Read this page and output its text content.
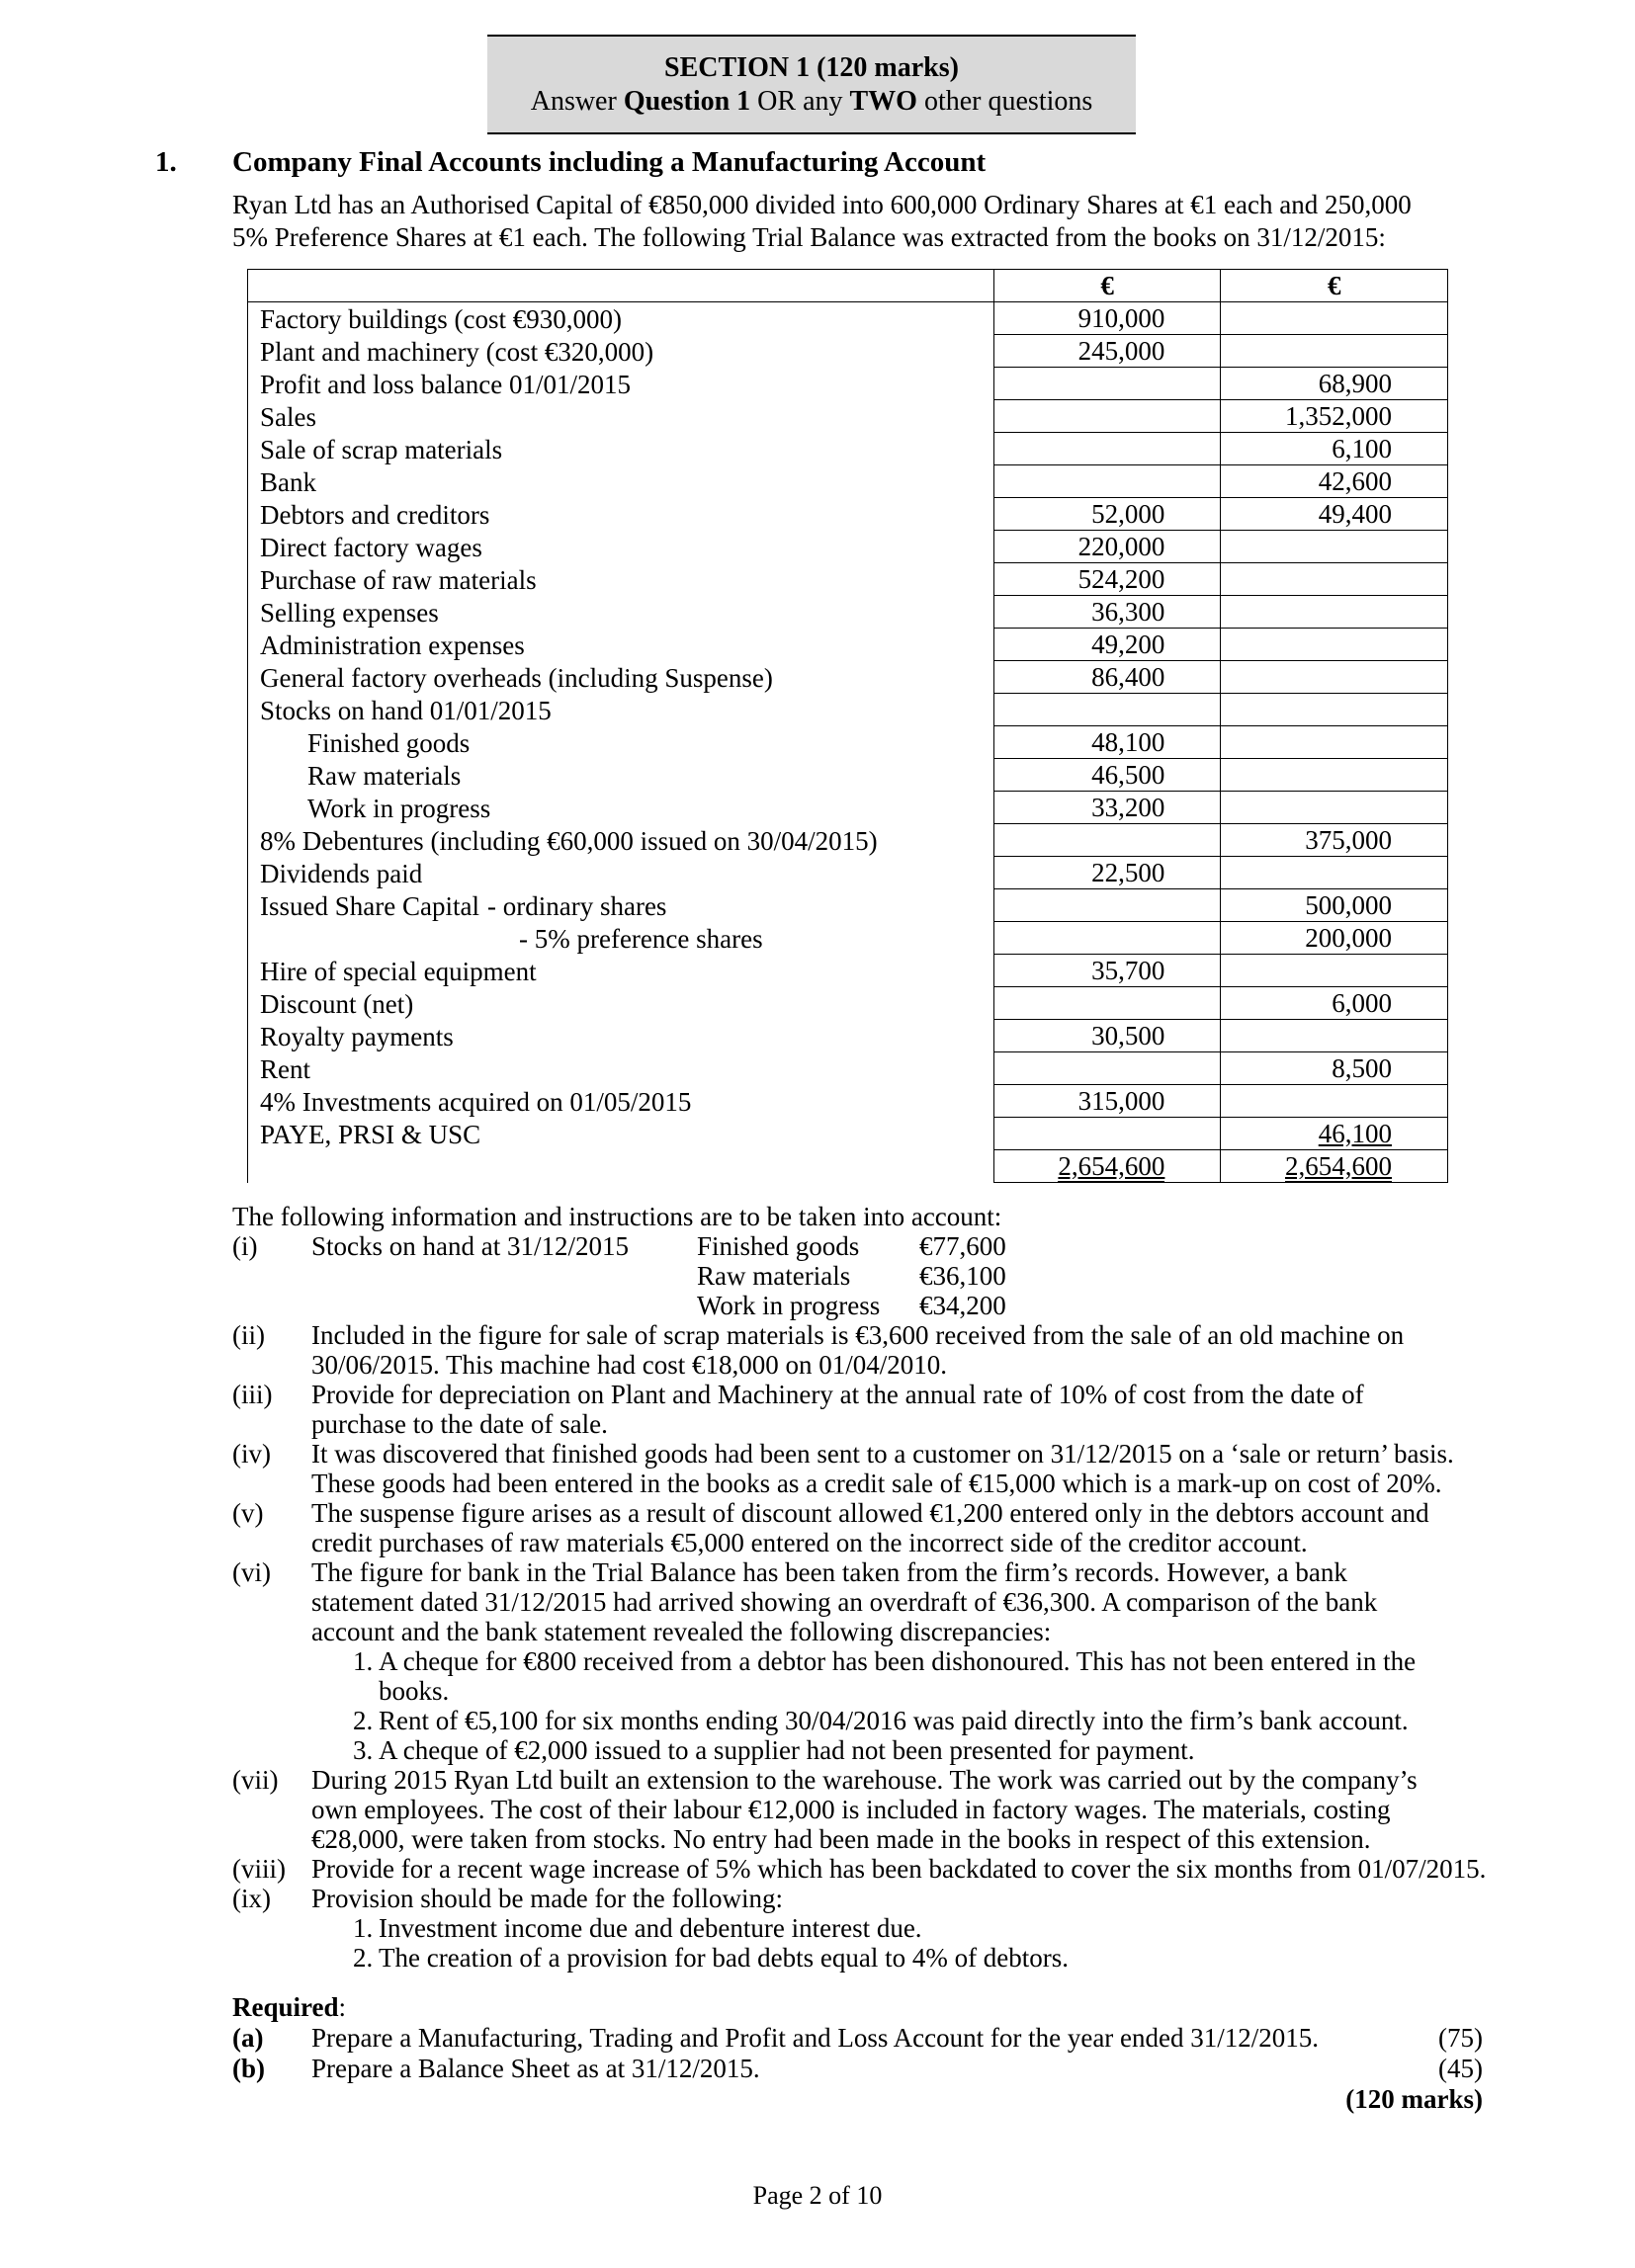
SECTION 1 (120 marks)
Answer Question 1 OR any TWO other questions
1. Company Final Accounts including a Manufacturing Account

Ryan Ltd has an Authorised Capital of €850,000 divided into 600,000 Ordinary Shares at €1 each and 250,000

5% Preference Shares at €1 each. The following Trial Balance was extracted from the books on 31/12/2015:

	€	€
Factory buildings (cost €930,000)	910,000	
Plant and machinery (cost €320,000)	245,000	
Profit and loss balance 01/01/2015		68,900
Sales		1,352,000
Sale of scrap materials		6,100
Bank		42,600
Debtors and creditors	52,000	49,400
Direct factory wages	220,000	
Purchase of raw materials	524,200	
Selling expenses	36,300	
Administration expenses	49,200	
General factory overheads (including Suspense)	86,400	
Stocks on hand 01/01/2015		
Finished goods	48,100	
Raw materials	46,500	
Work in progress	33,200	
8% Debentures (including €60,000 issued on 30/04/2015)		375,000
Dividends paid	22,500	
Issued Share Capital - ordinary shares		500,000
- 5% preference shares		200,000
Hire of special equipment	35,700	
Discount (net)		6,000
Royalty payments	30,500	
Rent		8,500
4% Investments acquired on 01/05/2015	315,000	
PAYE, PRSI & USC		46,100
	2,654,600	2,654,600
The following information and instructions are to be taken into account:
(i) Stocks on hand at 31/12/2015	Finished goods	€77,600
Raw materials	€36,100
Work in progress	€34,200
(ii) Included in the figure for sale of scrap materials is €3,600 received from the sale of an old machine on
30/06/2015. This machine had cost €18,000 on 01/04/2010.
(iii) Provide for depreciation on Plant and Machinery at the annual rate of 10% of cost from the date of
purchase to the date of sale.
(iv) It was discovered that finished goods had been sent to a customer on 31/12/2015 on a ‘sale or return’ basis.
These goods had been entered in the books as a credit sale of €15,000 which is a mark-up on cost of 20%.
(v) The suspense figure arises as a result of discount allowed €1,200 entered only in the debtors account and
credit purchases of raw materials €5,000 entered on the incorrect side of the creditor account.
(vi) The figure for bank in the Trial Balance has been taken from the firm’s records. However, a bank
statement dated 31/12/2015 had arrived showing an overdraft of €36,300. A comparison of the bank
account and the bank statement revealed the following discrepancies:
1. A cheque for €800 received from a debtor has been dishonoured. This has not been entered in the
books.
2. Rent of €5,100 for six months ending 30/04/2016 was paid directly into the firm’s bank account.
3. A cheque of €2,000 issued to a supplier had not been presented for payment.
(vii) During 2015 Ryan Ltd built an extension to the warehouse. The work was carried out by the company’s
own employees. The cost of their labour €12,000 is included in factory wages. The materials, costing
€28,000, were taken from stocks. No entry had been made in the books in respect of this extension.
(viii) Provide for a recent wage increase of 5% which has been backdated to cover the six months from 01/07/2015.
(ix) Provision should be made for the following:
1. Investment income due and debenture interest due.
2. The creation of a provision for bad debts equal to 4% of debtors.
Required:
(a) Prepare a Manufacturing, Trading and Profit and Loss Account for the year ended 31/12/2015.	(75)
(b) Prepare a Balance Sheet as at 31/12/2015.	(45)
(120 marks)
Page 2 of 10
